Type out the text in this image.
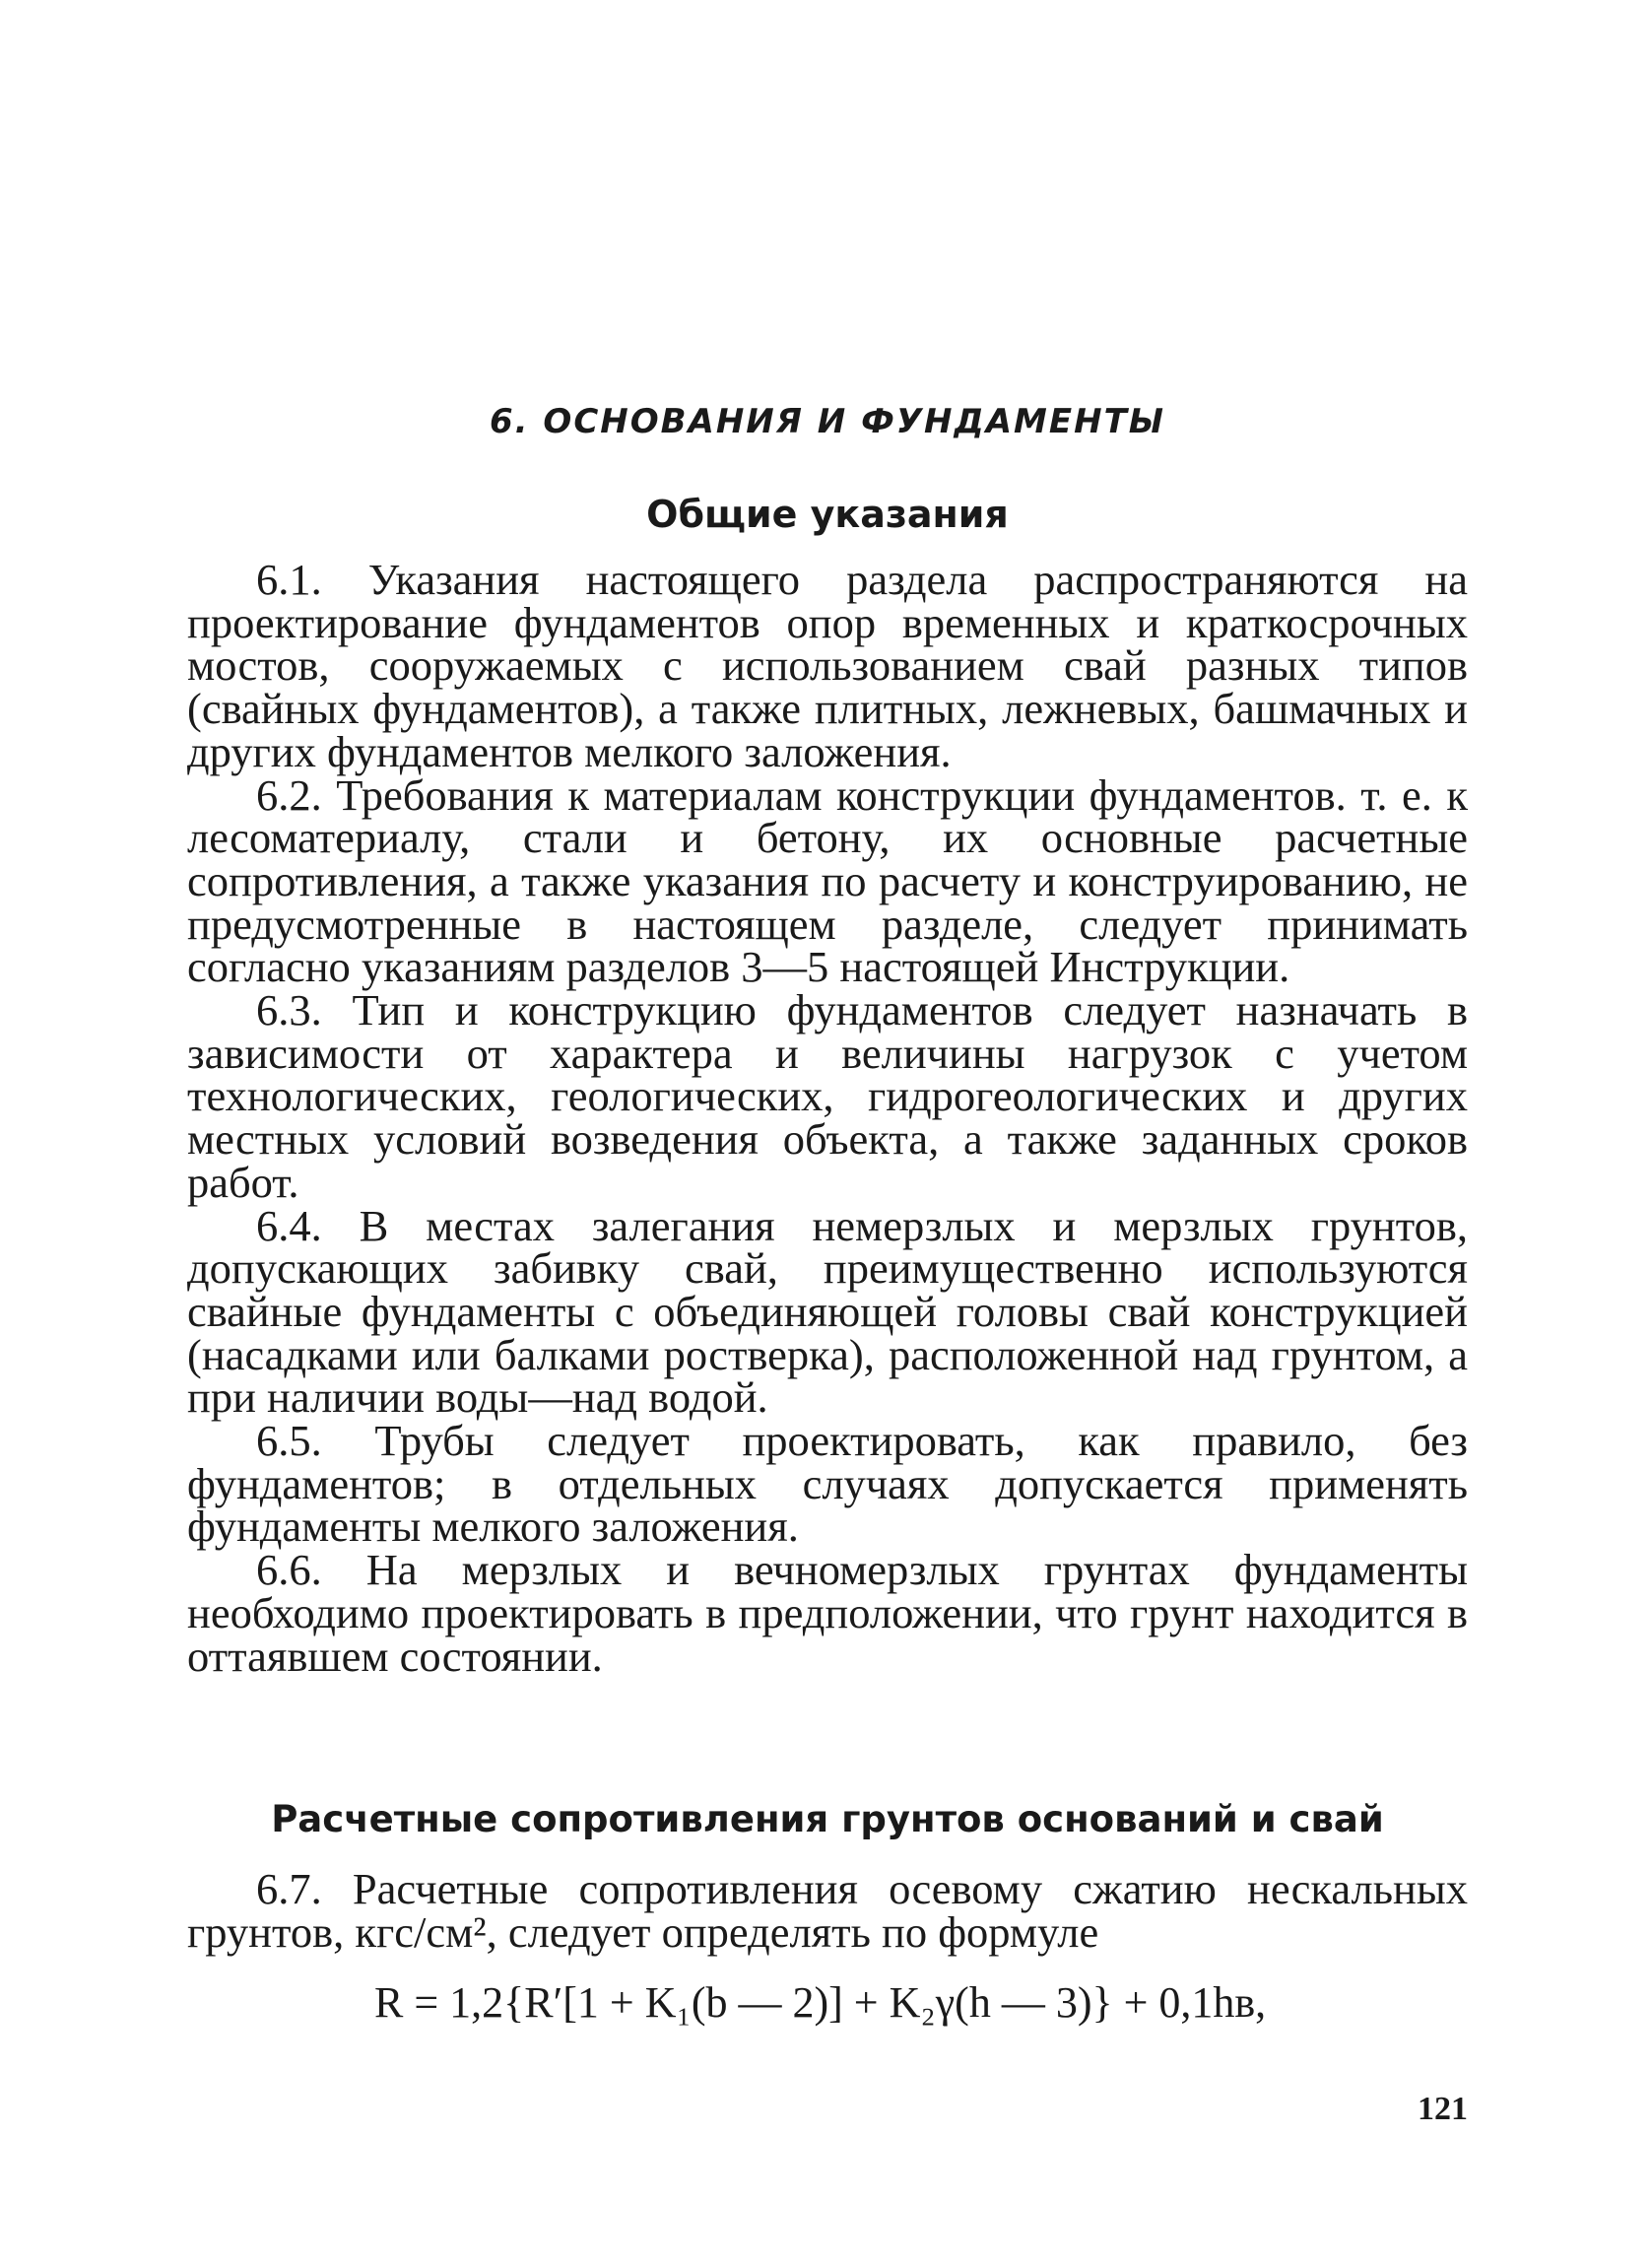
6. ОСНОВАНИЯ И ФУНДАМЕНТЫ
Общие указания

6.1. Указания настоящего раздела распространяются на проектирование фундаментов опор временных и краткосрочных мостов, сооружаемых с использованием свай разных типов (свайных фундаментов), а также плитных, лежневых, башмачных и других фундаментов мелкого заложения.

6.2. Требования к материалам конструкции фундаментов. т. е. к лесоматериалу, стали и бетону, их основные расчетные сопротивления, а также указания по расчету и конструированию, не предусмотренные в настоящем разделе, следует принимать согласно указаниям разделов 3—5 настоящей Инструкции.

6.3. Тип и конструкцию фундаментов следует назначать в зависимости от характера и величины нагрузок с учетом технологических, геологических, гидрогеологических и других местных условий возведения объекта, а также заданных сроков работ.

6.4. В местах залегания немерзлых и мерзлых грунтов, допускающих забивку свай, преимущественно используются свайные фундаменты с объединяющей головы свай конструкцией (насадками или балками ростверка), расположенной над грунтом, а при наличии воды—над водой.

6.5. Трубы следует проектировать, как правило, без фундаментов; в отдельных случаях допускается применять фундаменты мелкого заложения.

6.6. На мерзлых и вечномерзлых грунтах фундаменты необходимо проектировать в предположении, что грунт находится в оттаявшем состоянии.

Расчетные сопротивления грунтов оснований и свай

6.7. Расчетные сопротивления осевому сжатию нескальных грунтов, кгс/см², следует определять по формуле

R = 1,2{R′[1 + K₁(b — 2)] + K₂γ(h — 3)} + 0,1hв,
121
